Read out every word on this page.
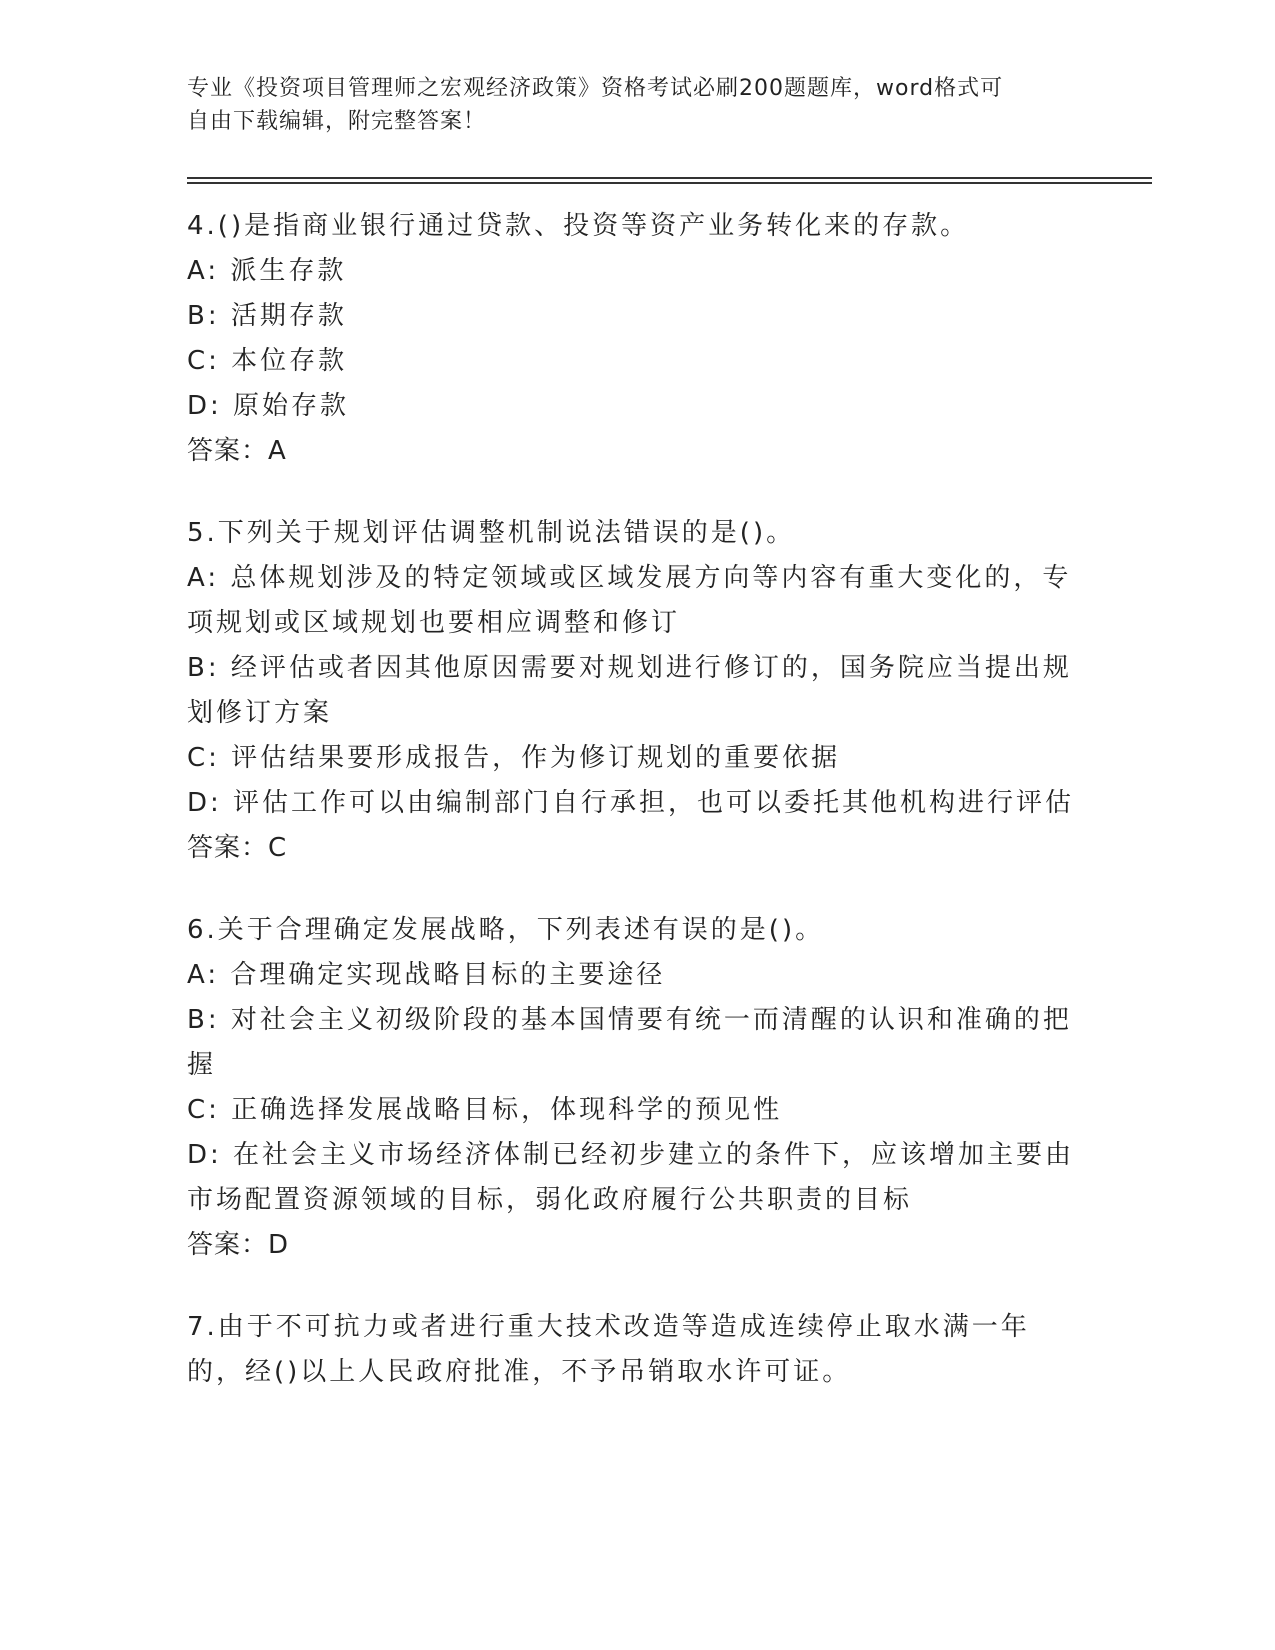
专业《投资项目管理师之宏观经济政策》资格考试必刷200题题库，word格式可
自由下载编辑，附完整答案！

4.()是指商业银行通过贷款、投资等资产业务转化来的存款。

A: 派生存款

B: 活期存款

C: 本位存款

D: 原始存款

答案：A

5.下列关于规划评估调整机制说法错误的是()。

A: 总体规划涉及的特定领域或区域发展方向等内容有重大变化的，专项规划或区域规划也要相应调整和修订

B: 经评估或者因其他原因需要对规划进行修订的，国务院应当提出规划修订方案

C: 评估结果要形成报告，作为修订规划的重要依据

D: 评估工作可以由编制部门自行承担，也可以委托其他机构进行评估

答案：C

6.关于合理确定发展战略，下列表述有误的是()。

A: 合理确定实现战略目标的主要途径

B: 对社会主义初级阶段的基本国情要有统一而清醒的认识和准确的把握

C: 正确选择发展战略目标，体现科学的预见性

D: 在社会主义市场经济体制已经初步建立的条件下，应该增加主要由市场配置资源领域的目标，弱化政府履行公共职责的目标

答案：D

7.由于不可抗力或者进行重大技术改造等造成连续停止取水满一年的，经()以上人民政府批准，不予吊销取水许可证。
